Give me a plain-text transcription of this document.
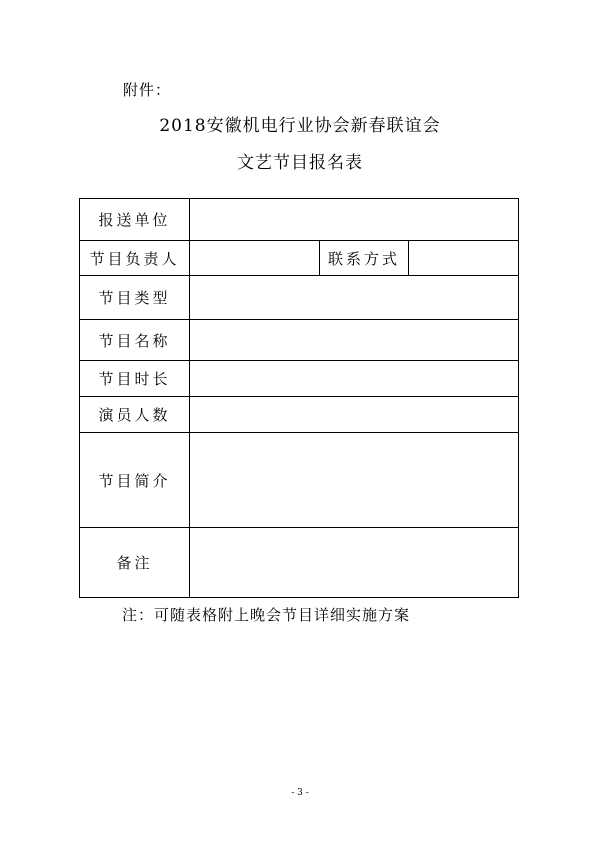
附件：
2018安徽机电行业协会新春联谊会
文艺节目报名表
报送单位			
节目负责人		联系方式	
节目类型			
节目名称			
节目时长			
演员人数			
节目简介			
备注			
注：可随表格附上晚会节目详细实施方案
- 3 -
